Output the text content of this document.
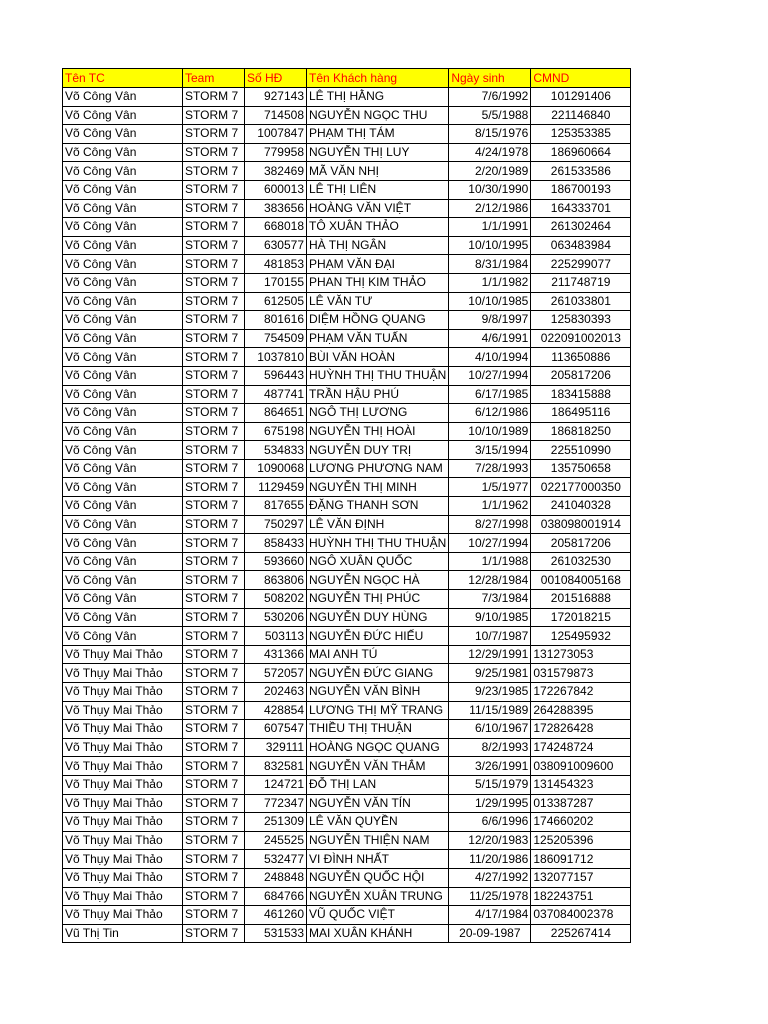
Tên TC	Team	Số HĐ	Tên Khách hàng	Ngày sinh	CMND
Võ Công Vân	STORM 7	927143	LÊ THỊ HẰNG	7/6/1992	101291406
Võ Công Vân	STORM 7	714508	NGUYỄN NGỌC THU	5/5/1988	221146840
Võ Công Vân	STORM 7	1007847	PHẠM THỊ TÁM	8/15/1976	125353385
Võ Công Vân	STORM 7	779958	NGUYỄN THỊ LUY	4/24/1978	186960664
Võ Công Vân	STORM 7	382469	MÃ VĂN NHỊ	2/20/1989	261533586
Võ Công Vân	STORM 7	600013	LÊ THỊ LIÊN	10/30/1990	186700193
Võ Công Vân	STORM 7	383656	HOÀNG VĂN VIỆT	2/12/1986	164333701
Võ Công Vân	STORM 7	668018	TÔ XUÂN THẢO	1/1/1991	261302464
Võ Công Vân	STORM 7	630577	HÀ THỊ NGÂN	10/10/1995	063483984
Võ Công Vân	STORM 7	481853	PHẠM VĂN ĐẠI	8/31/1984	225299077
Võ Công Vân	STORM 7	170155	PHAN THỊ KIM THẢO	1/1/1982	211748719
Võ Công Vân	STORM 7	612505	LÊ VĂN TƯ	10/10/1985	261033801
Võ Công Vân	STORM 7	801616	DIỆM HỒNG QUANG	9/8/1997	125830393
Võ Công Vân	STORM 7	754509	PHẠM VĂN TUẤN	4/6/1991	022091002013
Võ Công Vân	STORM 7	1037810	BÙI VĂN HOÀN	4/10/1994	113650886
Võ Công Vân	STORM 7	596443	HUỲNH THỊ THU THUẬN	10/27/1994	205817206
Võ Công Vân	STORM 7	487741	TRẦN HẬU PHÚ	6/17/1985	183415888
Võ Công Vân	STORM 7	864651	NGÔ THỊ LƯƠNG	6/12/1986	186495116
Võ Công Vân	STORM 7	675198	NGUYỄN THỊ HOÀI	10/10/1989	186818250
Võ Công Vân	STORM 7	534833	NGUYỄN DUY TRỊ	3/15/1994	225510990
Võ Công Vân	STORM 7	1090068	LƯƠNG PHƯƠNG NAM	7/28/1993	135750658
Võ Công Vân	STORM 7	1129459	NGUYỄN THỊ MINH	1/5/1977	022177000350
Võ Công Vân	STORM 7	817655	ĐẶNG THANH SƠN	1/1/1962	241040328
Võ Công Vân	STORM 7	750297	LÊ VĂN ĐỊNH	8/27/1998	038098001914
Võ Công Vân	STORM 7	858433	HUỲNH THỊ THU THUẬN	10/27/1994	205817206
Võ Công Vân	STORM 7	593660	NGÔ XUÂN QUỐC	1/1/1988	261032530
Võ Công Vân	STORM 7	863806	NGUYỄN NGỌC HÀ	12/28/1984	001084005168
Võ Công Vân	STORM 7	508202	NGUYỄN THỊ PHÚC	7/3/1984	201516888
Võ Công Vân	STORM 7	530206	NGUYỄN DUY HÙNG	9/10/1985	172018215
Võ Công Vân	STORM 7	503113	NGUYỄN ĐỨC HIẾU	10/7/1987	125495932
Võ Thụy Mai Thảo	STORM 7	431366	MAI ANH TÚ	12/29/1991	131273053
Võ Thụy Mai Thảo	STORM 7	572057	NGUYỄN ĐỨC GIANG	9/25/1981	031579873
Võ Thụy Mai Thảo	STORM 7	202463	NGUYỄN VĂN BÌNH	9/23/1985	172267842
Võ Thụy Mai Thảo	STORM 7	428854	LƯƠNG THỊ MỸ TRANG	11/15/1989	264288395
Võ Thụy Mai Thảo	STORM 7	607547	THIỀU THỊ THUẬN	6/10/1967	172826428
Võ Thụy Mai Thảo	STORM 7	329111	HOÀNG NGỌC QUANG	8/2/1993	174248724
Võ Thụy Mai Thảo	STORM 7	832581	NGUYỄN VĂN THẮM	3/26/1991	038091009600
Võ Thụy Mai Thảo	STORM 7	124721	ĐỖ THỊ LAN	5/15/1979	131454323
Võ Thụy Mai Thảo	STORM 7	772347	NGUYỄN VĂN TÍN	1/29/1995	013387287
Võ Thụy Mai Thảo	STORM 7	251309	LÊ VĂN QUYỀN	6/6/1996	174660202
Võ Thụy Mai Thảo	STORM 7	245525	NGUYỄN THIỆN NAM	12/20/1983	125205396
Võ Thụy Mai Thảo	STORM 7	532477	VI ĐÌNH NHẤT	11/20/1986	186091712
Võ Thụy Mai Thảo	STORM 7	248848	NGUYỄN QUỐC HỘI	4/27/1992	132077157
Võ Thụy Mai Thảo	STORM 7	684766	NGUYỄN XUÂN TRUNG	11/25/1978	182243751
Võ Thụy Mai Thảo	STORM 7	461260	VŨ QUỐC VIỆT	4/17/1984	037084002378
Vũ Thị Tin	STORM 7	531533	MAI XUÂN KHÁNH	20-09-1987	225267414
